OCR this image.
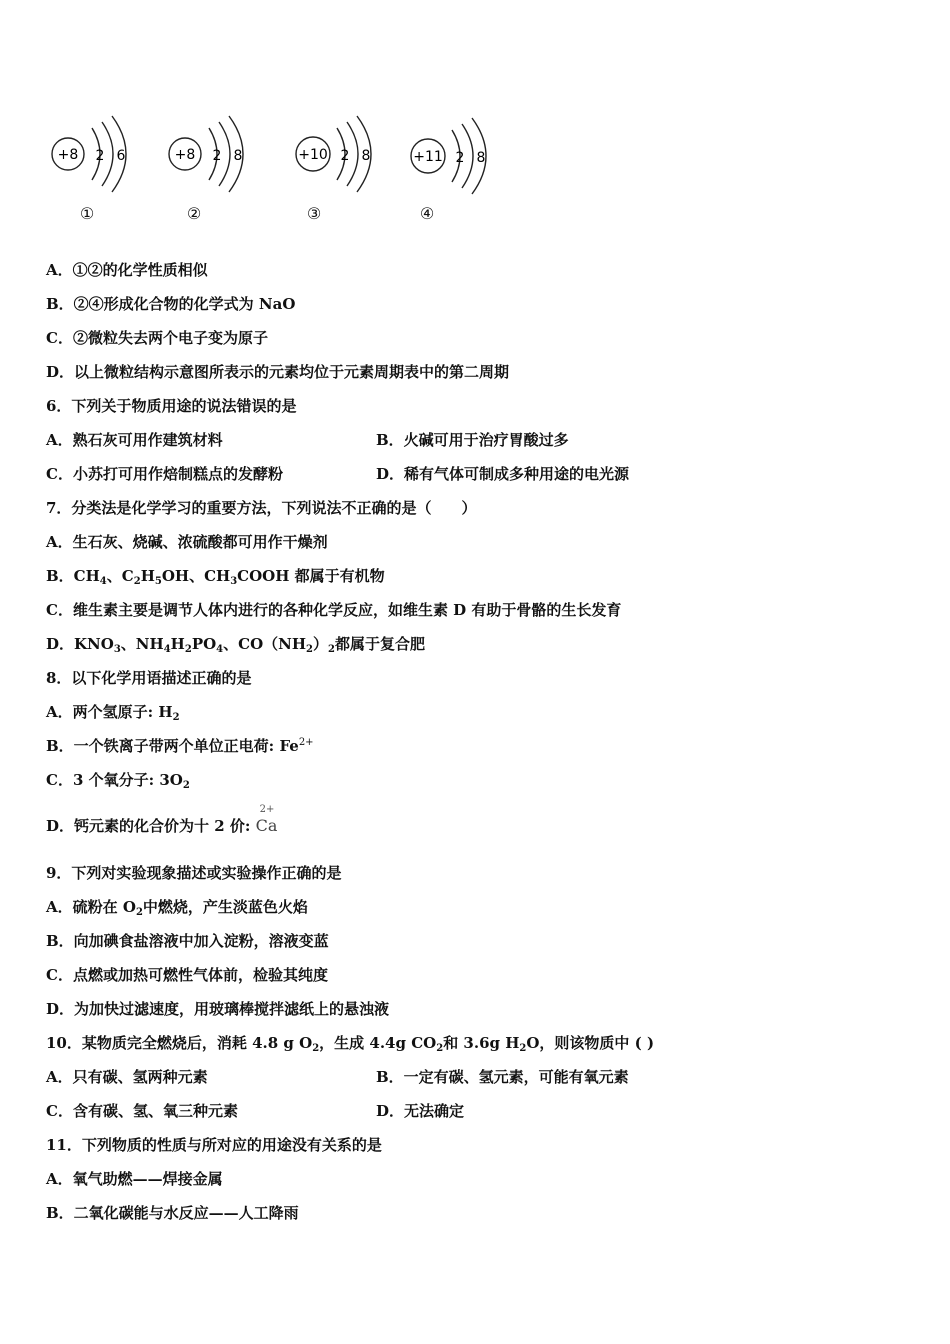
+8 2 6
①
+8 2 8
②
+10 2 8
③
+11 2 8
④
A．①②的化学性质相似
B．②④形成化合物的化学式为 NaO
C．②微粒失去两个电子变为原子
D．以上微粒结构示意图所表示的元素均位于元素周期表中的第二周期
6．下列关于物质用途的说法错误的是
A．熟石灰可用作建筑材料	B．火碱可用于治疗胃酸过多
C．小苏打可用作焙制糕点的发酵粉	D．稀有气体可制成多种用途的电光源
7．分类法是化学学习的重要方法，下列说法不正确的是（　　）
A．生石灰、烧碱、浓硫酸都可用作干燥剂
B．$CH_4$、$C_2H_5OH$、$CH_3COOH$ 都属于有机物
C．维生素主要是调节人体内进行的各种化学反应，如维生素 D 有助于骨骼的生长发育
D．$KNO_3$、$NH_4H_2PO_4$、$CO(NH_2)_2$都属于复合肥
8．以下化学用语描述正确的是
A．两个氢原子: $H_2$
B．一个铁离子带两个单位正电荷: $Fe^{2+}$
C．3 个氧分子: $3O_2$
D．钙元素的化合价为十 2 价:
2+
Ca
9．下列对实验现象描述或实验操作正确的是
A．硫粉在 $O_2$中燃烧，产生淡蓝色火焰
B．向加碘食盐溶液中加入淀粉，溶液变蓝
C．点燃或加热可燃性气体前，检验其纯度
D．为加快过滤速度，用玻璃棒搅拌滤纸上的悬浊液
10．某物质完全燃烧后，消耗 4.8 g $O_2$，生成 4.4g $CO_2$和 3.6g $H_2O$，则该物质中 ( )
A．只有碳、氢两种元素	B．一定有碳、氢元素，可能有氧元素
C．含有碳、氢、氧三种元素	D．无法确定
11．下列物质的性质与所对应的用途没有关系的是
A．氧气助燃——焊接金属
B．二氧化碳能与水反应——人工降雨
